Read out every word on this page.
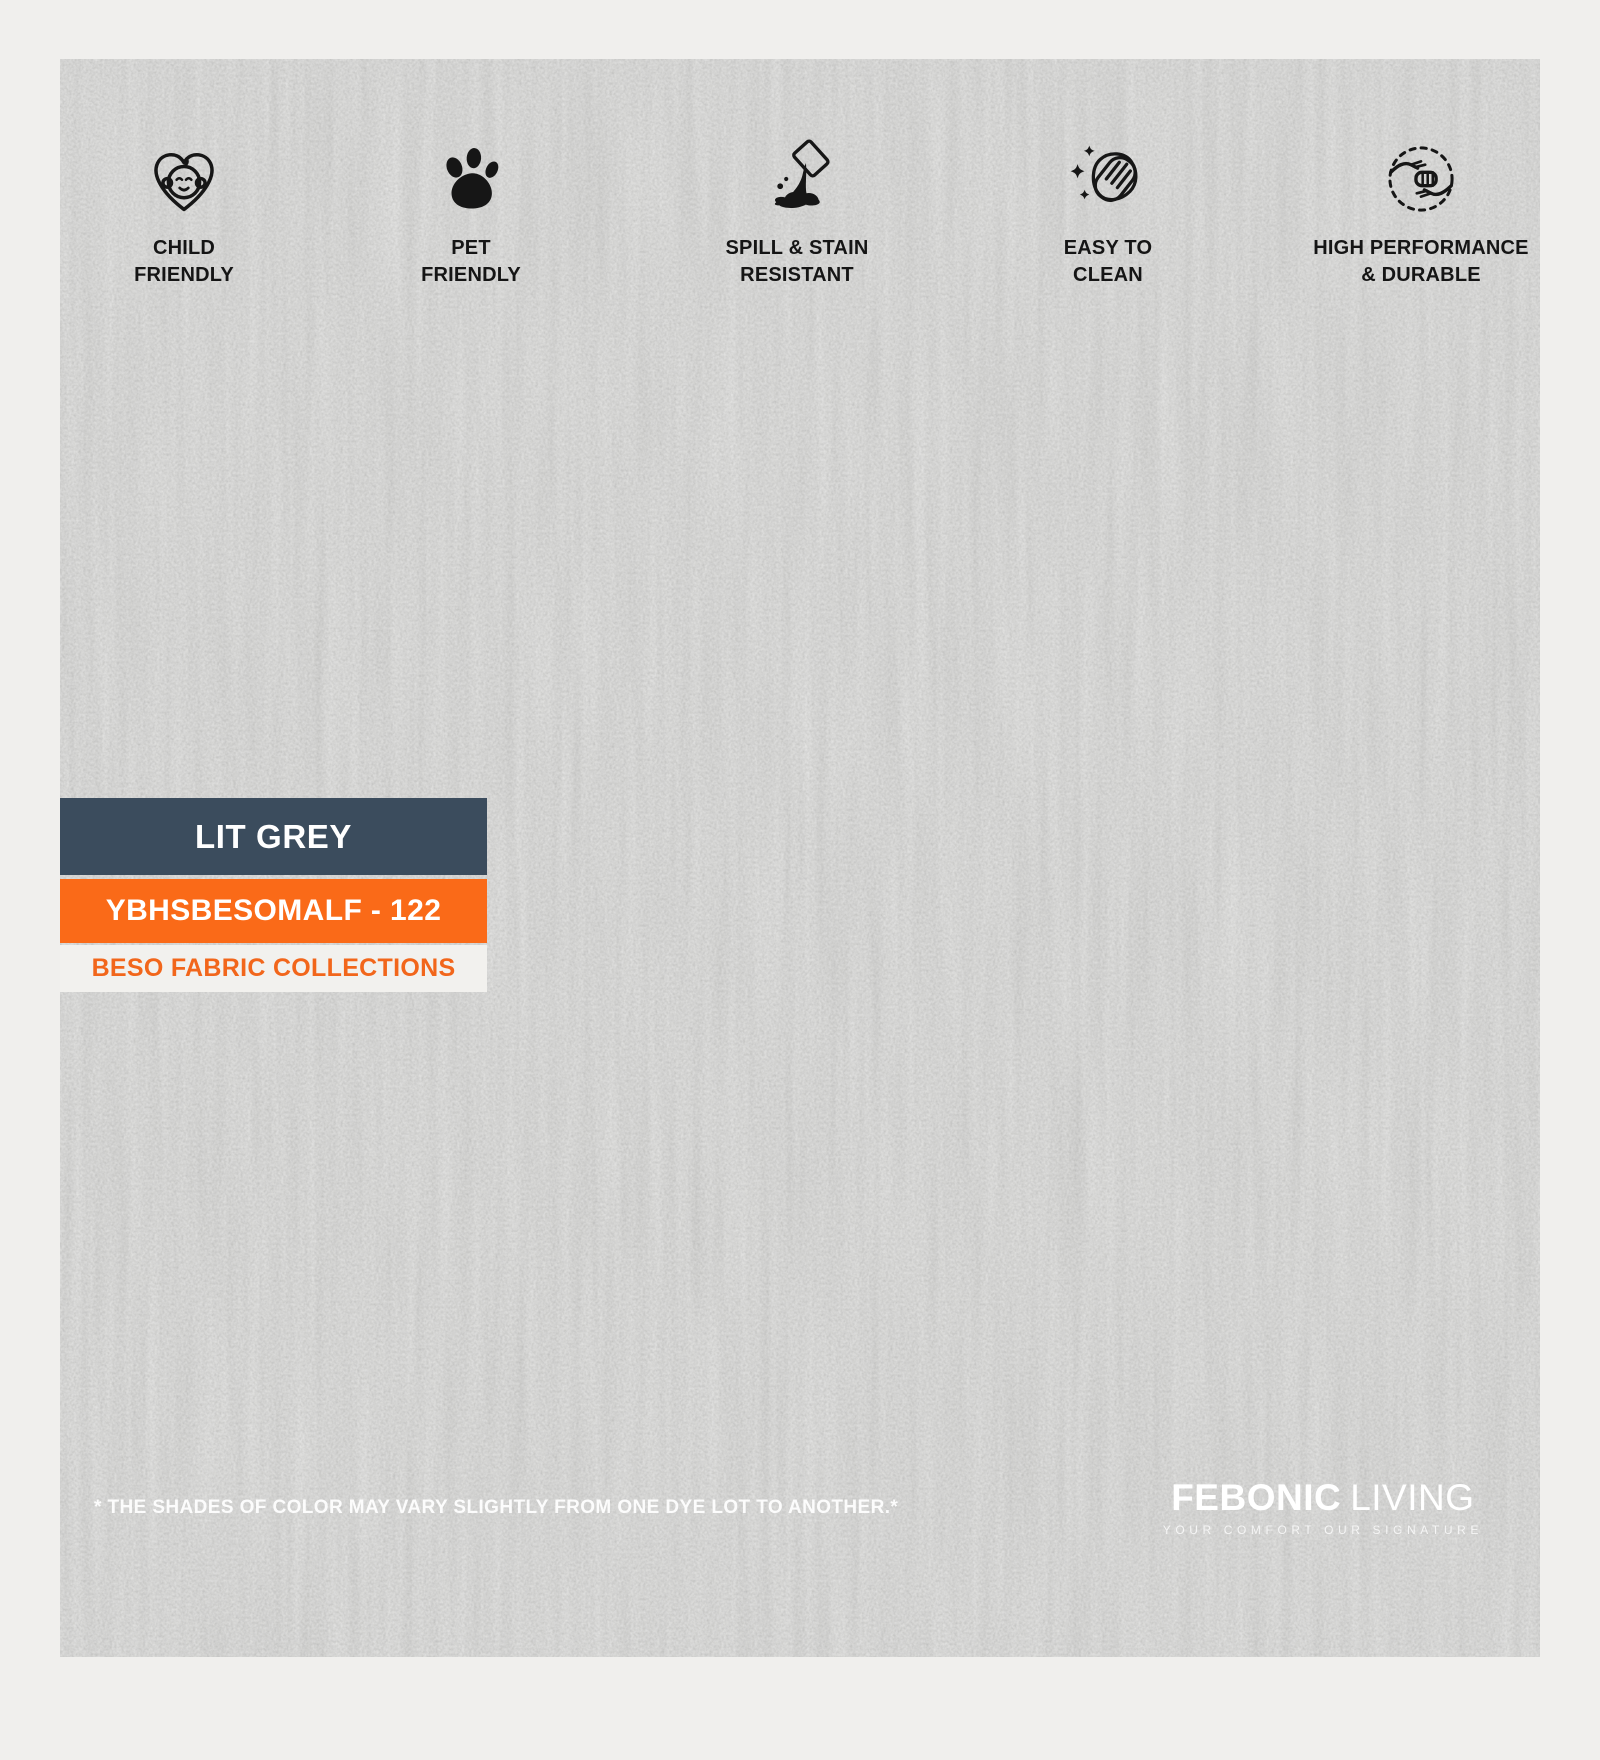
CHILD
FRIENDLY
PET
FRIENDLY
SPILL & STAIN
RESISTANT
EASY TO
CLEAN
HIGH PERFORMANCE
& DURABLE
LIT GREY
YBHSBESOMALF - 122
BESO FABRIC COLLECTIONS
* THE SHADES OF COLOR MAY VARY SLIGHTLY FROM ONE DYE LOT TO ANOTHER.*	FEBONIC LIVING
YOUR COMFORT OUR SIGNATURE
